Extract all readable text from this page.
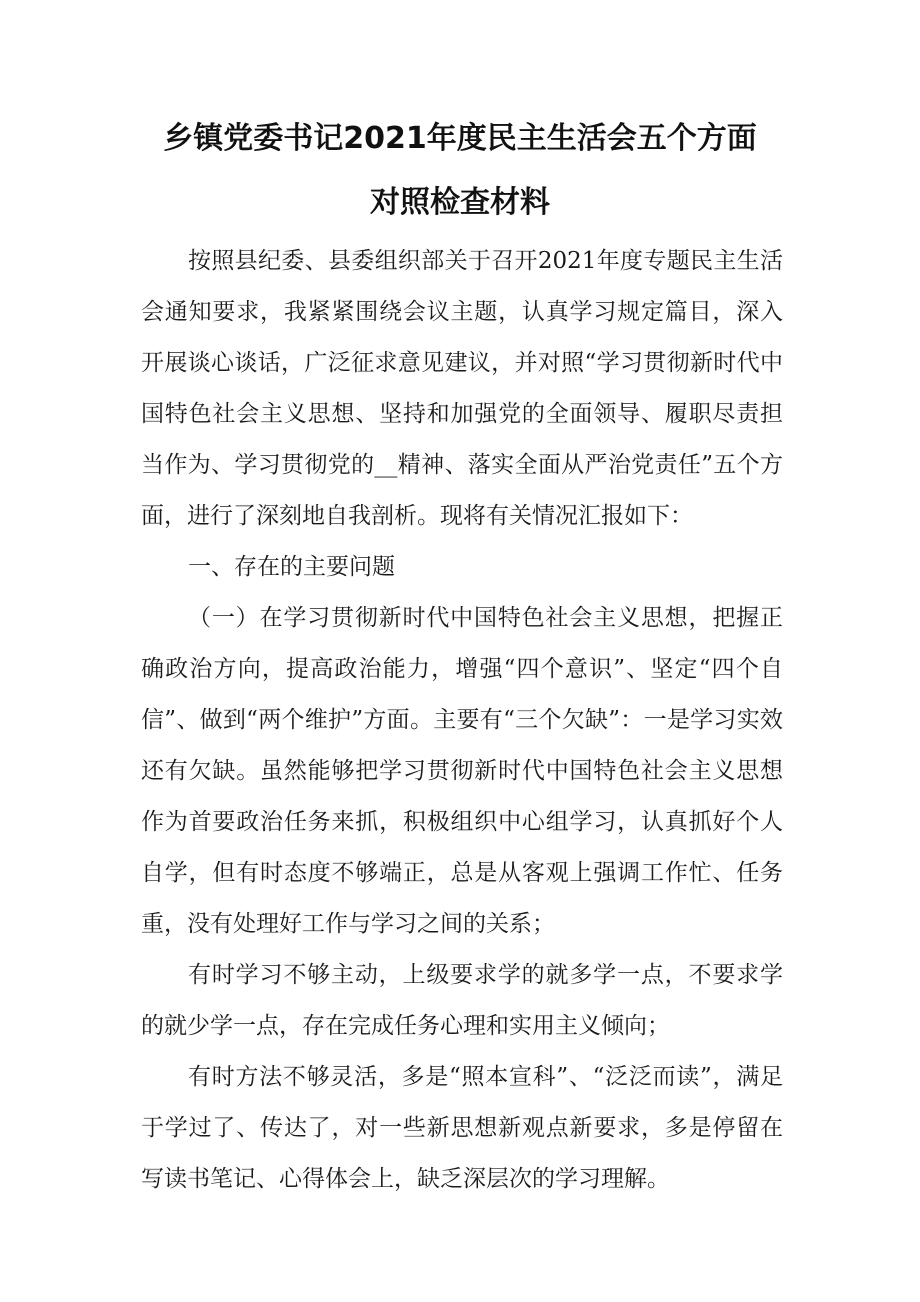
乡镇党委书记2021年度民主生活会五个方面
对照检查材料

按照县纪委、县委组织部关于召开2021年度专题民主生活会通知要求，我紧紧围绕会议主题，认真学习规定篇目，深入开展谈心谈话，广泛征求意见建议，并对照“学习贯彻新时代中国特色社会主义思想、坚持和加强党的全面领导、履职尽责担当作为、学习贯彻党的__精神、落实全面从严治党责任”五个方面，进行了深刻地自我剖析。现将有关情况汇报如下：

一、存在的主要问题

（一）在学习贯彻新时代中国特色社会主义思想，把握正确政治方向，提高政治能力，增强“四个意识”、坚定“四个自信”、做到“两个维护”方面。主要有“三个欠缺”：一是学习实效还有欠缺。虽然能够把学习贯彻新时代中国特色社会主义思想作为首要政治任务来抓，积极组织中心组学习，认真抓好个人自学，但有时态度不够端正，总是从客观上强调工作忙、任务重，没有处理好工作与学习之间的关系；

有时学习不够主动，上级要求学的就多学一点，不要求学的就少学一点，存在完成任务心理和实用主义倾向；

有时方法不够灵活，多是“照本宣科”、“泛泛而读”，满足于学过了、传达了，对一些新思想新观点新要求，多是停留在写读书笔记、心得体会上，缺乏深层次的学习理解。
